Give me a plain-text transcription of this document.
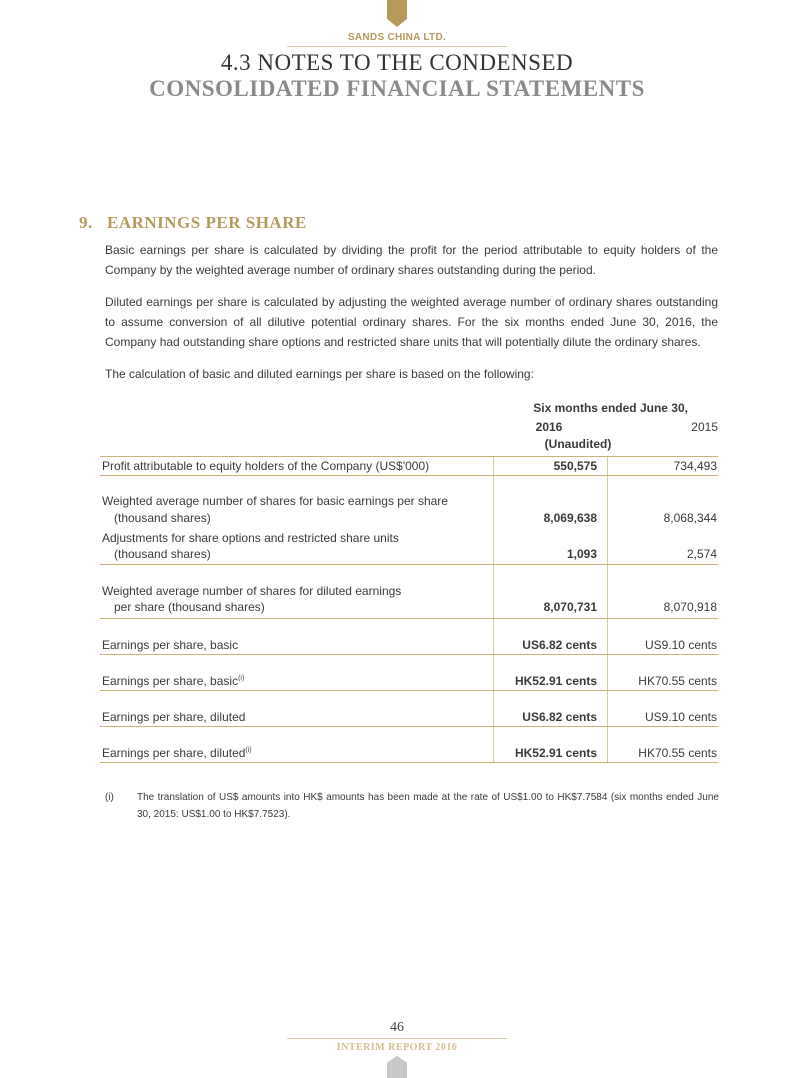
SANDS CHINA LTD.
4.3 NOTES TO THE CONDENSED
CONSOLIDATED FINANCIAL STATEMENTS
9.   EARNINGS PER SHARE
Basic earnings per share is calculated by dividing the profit for the period attributable to equity holders of the Company by the weighted average number of ordinary shares outstanding during the period.
Diluted earnings per share is calculated by adjusting the weighted average number of ordinary shares outstanding to assume conversion of all dilutive potential ordinary shares. For the six months ended June 30, 2016, the Company had outstanding share options and restricted share units that will potentially dilute the ordinary shares.
The calculation of basic and diluted earnings per share is based on the following:
Six months ended June 30,
2016	2015
(Unaudited)
Profit attributable to equity holders of the Company (US$'000)	550,575	734,493
Weighted average number of shares for basic earnings per share
(thousand shares)	8,069,638	8,068,344
Adjustments for share options and restricted share units
(thousand shares)	1,093	2,574
Weighted average number of shares for diluted earnings
per share (thousand shares)	8,070,731	8,070,918
Earnings per share, basic	US6.82 cents	US9.10 cents
Earnings per share, basic$^{(i)}$	HK52.91 cents	HK70.55 cents
Earnings per share, diluted	US6.82 cents	US9.10 cents
Earnings per share, diluted$^{(i)}$	HK52.91 cents	HK70.55 cents
(i) The translation of US$ amounts into HK$ amounts has been made at the rate of US$1.00 to HK$7.7584 (six months ended June 30, 2015: US$1.00 to HK$7.7523).
46
INTERIM REPORT 2016
